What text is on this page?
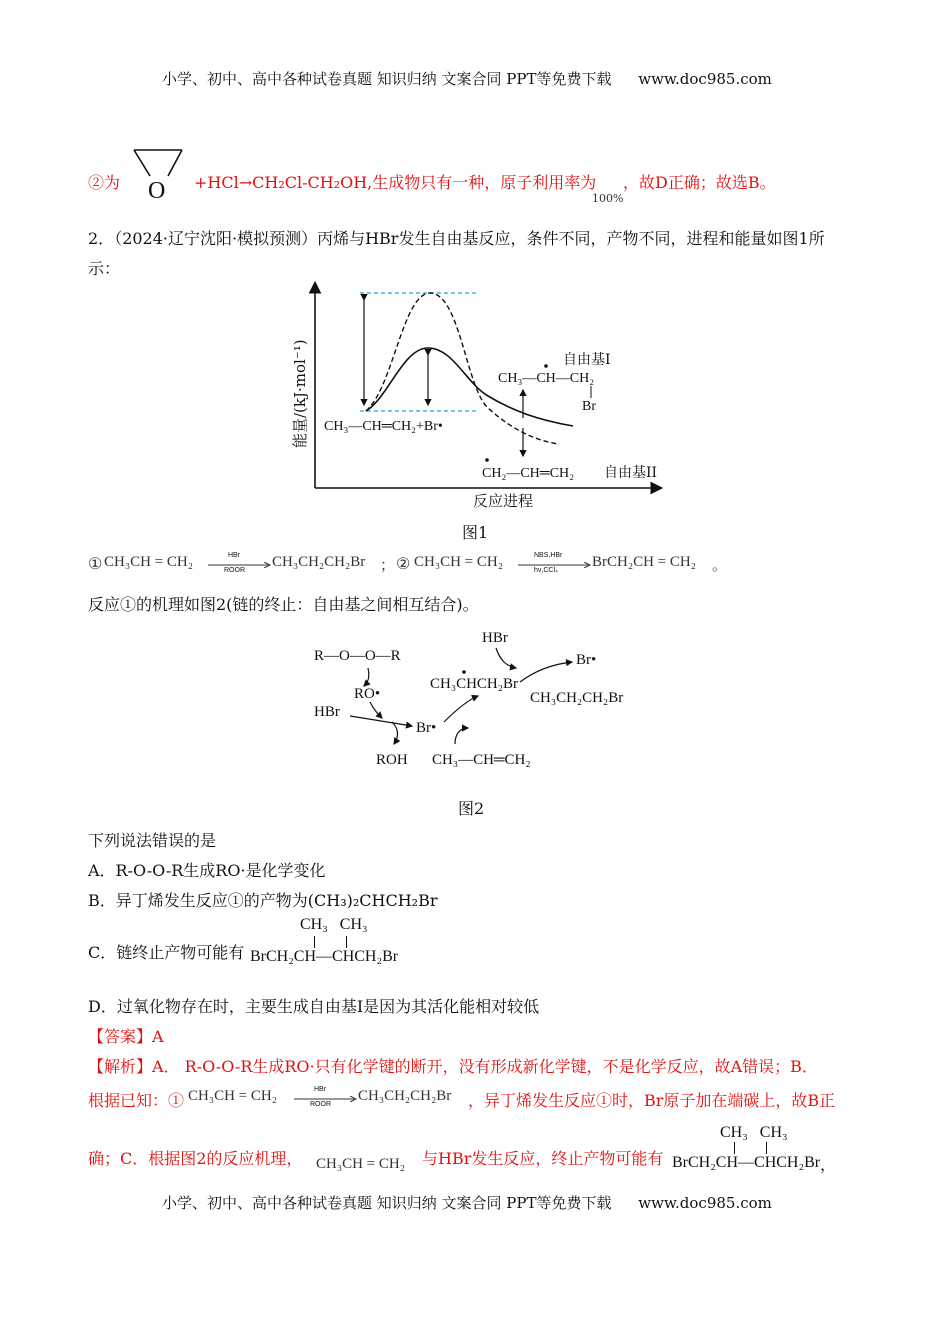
小学、初中、高中各种试卷真题 知识归纳 文案合同 PPT等免费下载 www.doc985.com
②为 O +HCl→CH₂Cl-CH₂OH,生成物只有一种，原子利用率为
100%
，故D正确；故选B。
2．（2024·辽宁沈阳·模拟预测）丙烯与HBr发生自由基反应，条件不同，产物不同，进程和能量如图1所
示：
能量/(kJ·mol⁻¹)
反应进程
CH₃—CH═CH₂+Br•
自由基I
CH₃—CH—CH₂
Br
CH₂—CH═CH₂ 自由基II
图1
① CH₃CH = CH₂	HBr
ROOR
CH₃CH₂CH₂Br ； ② CH₃CH = CH₂	NBS,HBr
hν,CCl₄
BrCH₂CH = CH₂ 。
反应①的机理如图2(链的终止：自由基之间相互结合)。
R—O—O—R
RO•
HBr
Br•
ROH CH₃—CH═CH₂
CH₃CHCH₂Br
HBr
Br•
CH₃CH₂CH₂Br
图2
下列说法错误的是
A．R-O-O-R生成RO·是化学变化
B．异丁烯发生反应①的产物为(CH₃)₂CHCH₂Br
C．链终止产物可能有
CH₃   CH₃
BrCH₂CH—CHCH₂Br
D．过氧化物存在时，主要生成自由基I是因为其活化能相对较低
【答案】A
【解析】A． R-O-O-R生成RO·只有化学键的断开，没有形成新化学键，不是化学反应，故A错误；B．
根据已知：① CH₃CH = CH₂	HBr
ROOR
CH₃CH₂CH₂Br ，异丁烯发生反应①时，Br原子加在端碳上，故B正
确；C．根据图2的反应机理， CH₃CH = CH₂ 与HBr发生反应，终止产物可能有
CH₃   CH₃
BrCH₂CH—CHCH₂Br ，
小学、初中、高中各种试卷真题 知识归纳 文案合同 PPT等免费下载 www.doc985.com
